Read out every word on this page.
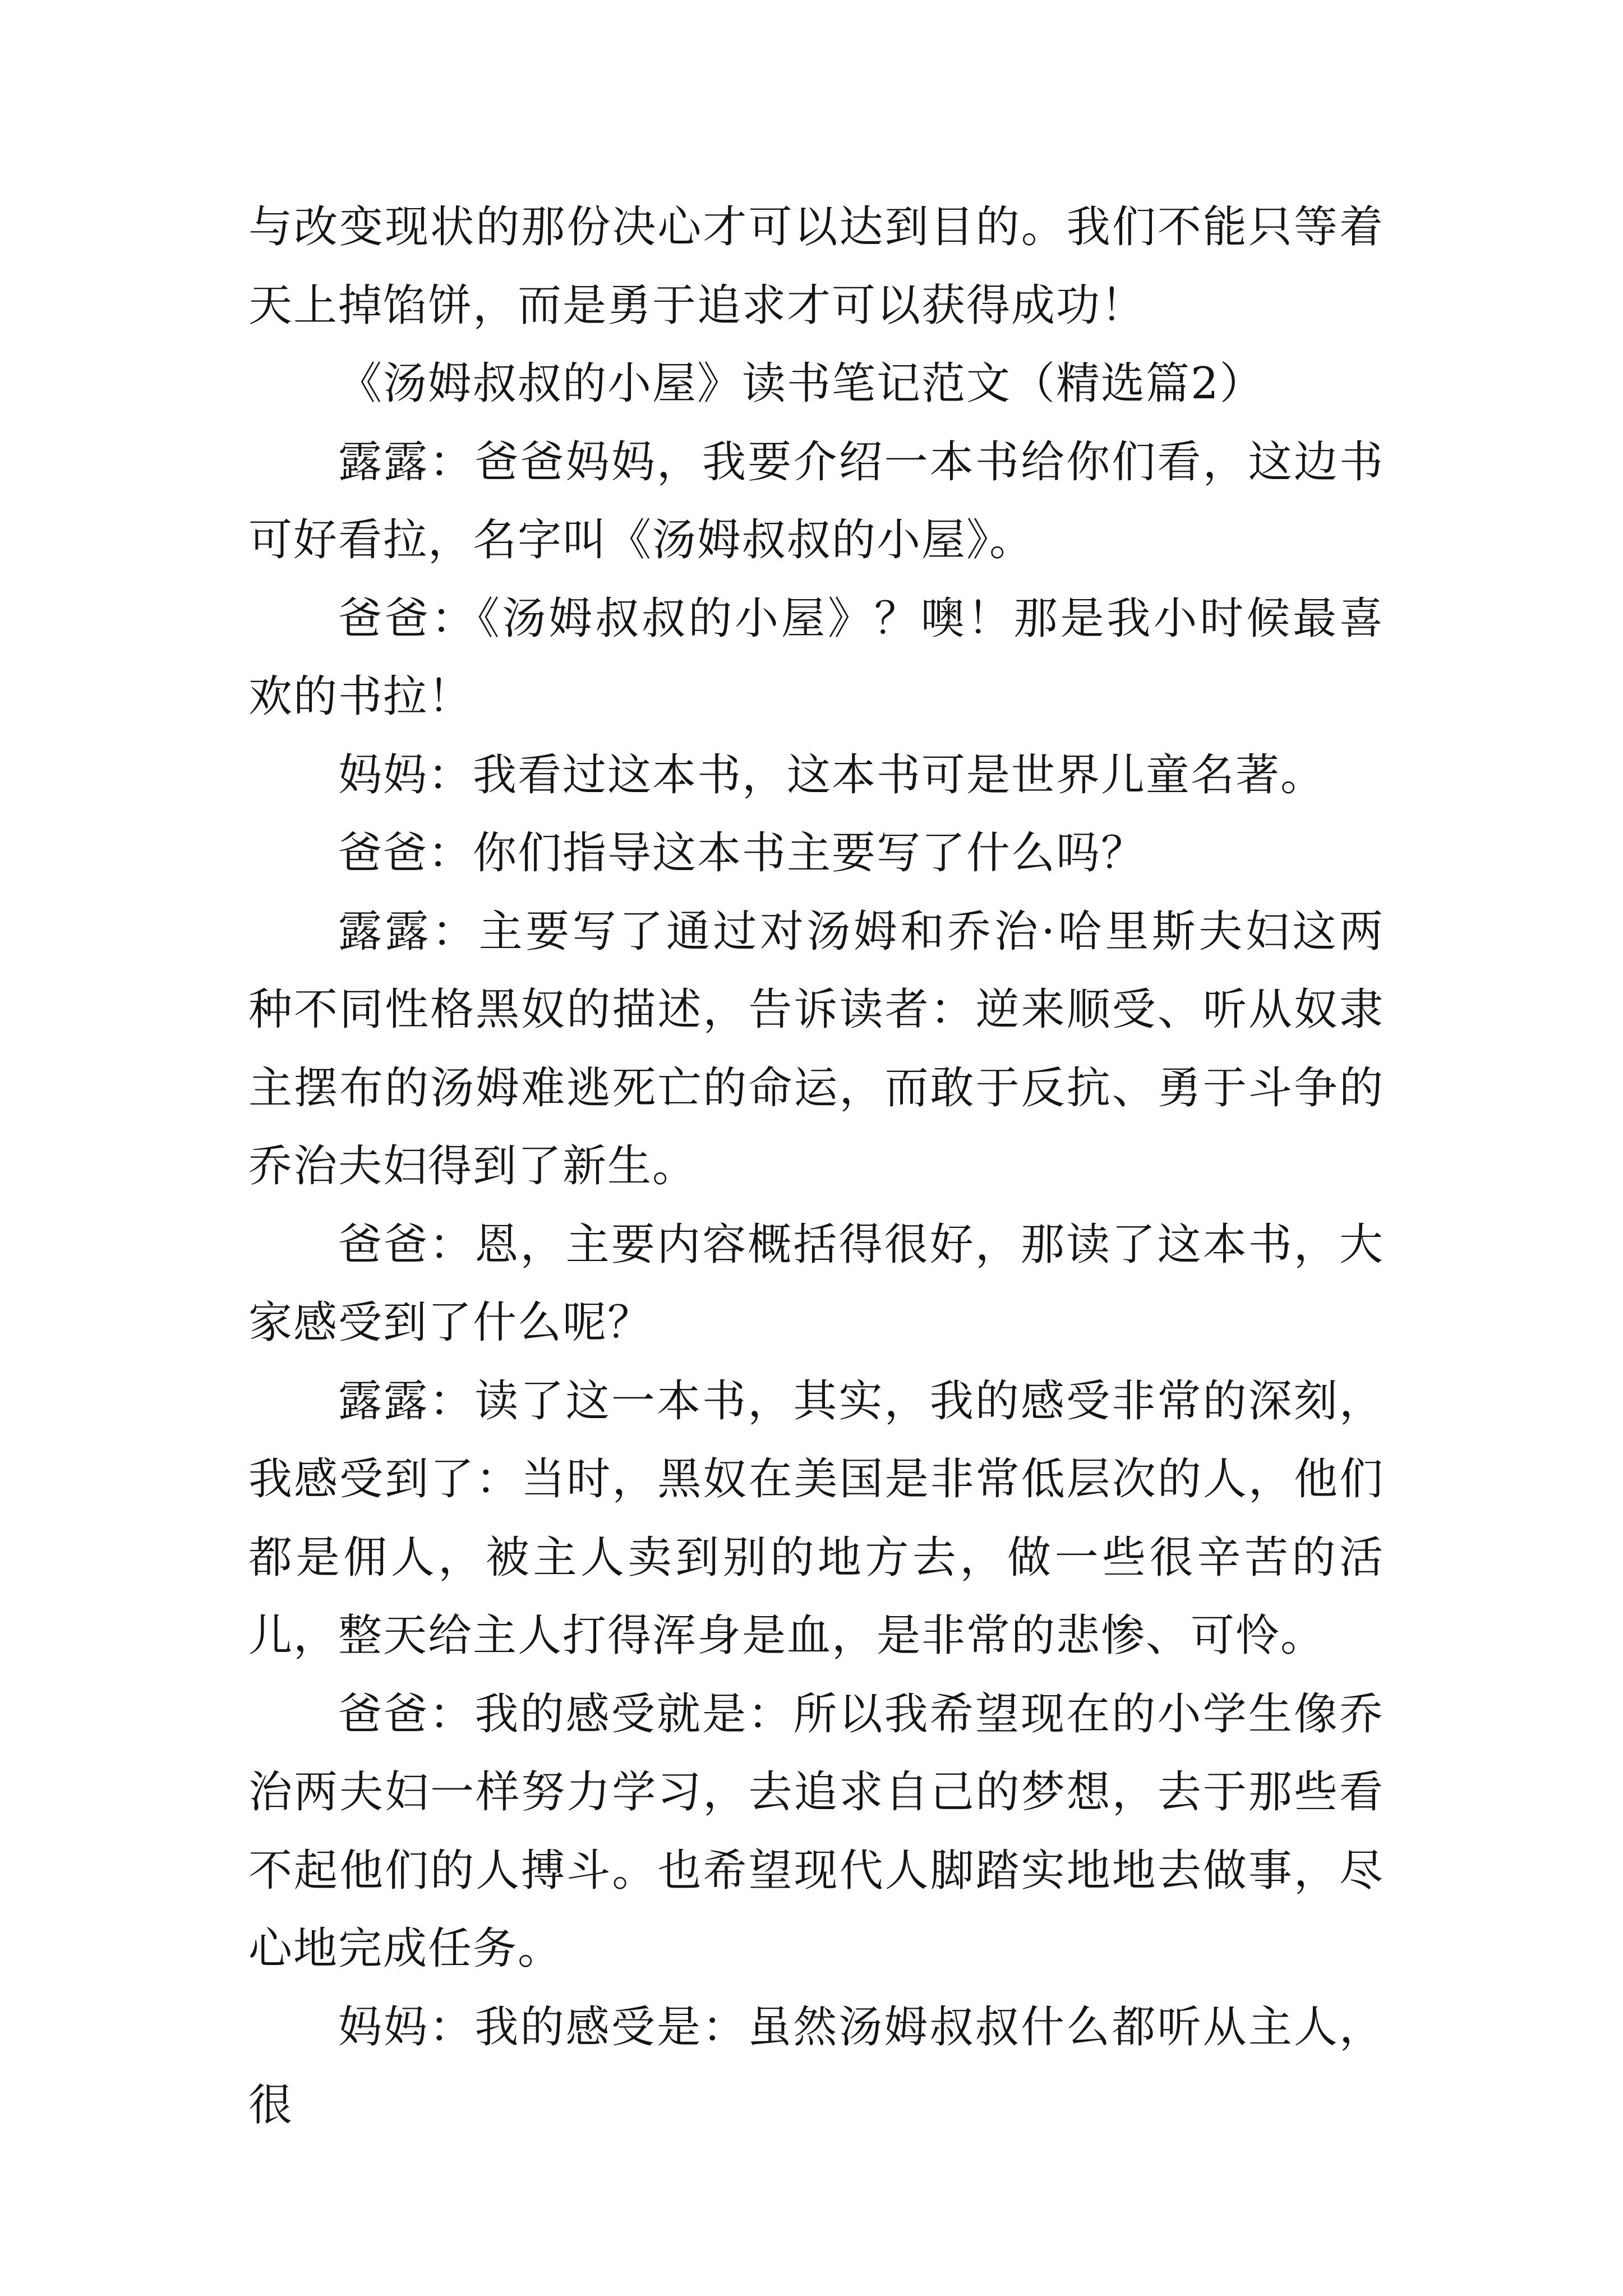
与改变现状的那份决心才可以达到目的。我们不能只等着天上掉馅饼，而是勇于追求才可以获得成功！

《汤姆叔叔的小屋》读书笔记范文（精选篇2）

露露：爸爸妈妈，我要介绍一本书给你们看，这边书可好看拉，名字叫《汤姆叔叔的小屋》。

爸爸：《汤姆叔叔的小屋》？噢！那是我小时候最喜欢的书拉！

妈妈：我看过这本书，这本书可是世界儿童名著。

爸爸：你们指导这本书主要写了什么吗？

露露：主要写了通过对汤姆和乔治·哈里斯夫妇这两种不同性格黑奴的描述，告诉读者：逆来顺受、听从奴隶主摆布的汤姆难逃死亡的命运，而敢于反抗、勇于斗争的乔治夫妇得到了新生。

爸爸：恩，主要内容概括得很好，那读了这本书，大家感受到了什么呢？

露露：读了这一本书，其实，我的感受非常的深刻，我感受到了：当时，黑奴在美国是非常低层次的人，他们都是佣人，被主人卖到别的地方去，做一些很辛苦的活儿，整天给主人打得浑身是血，是非常的悲惨、可怜。

爸爸：我的感受就是：所以我希望现在的小学生像乔治两夫妇一样努力学习，去追求自己的梦想，去于那些看不起他们的人搏斗。也希望现代人脚踏实地地去做事，尽心地完成任务。

妈妈：我的感受是：虽然汤姆叔叔什么都听从主人，很
